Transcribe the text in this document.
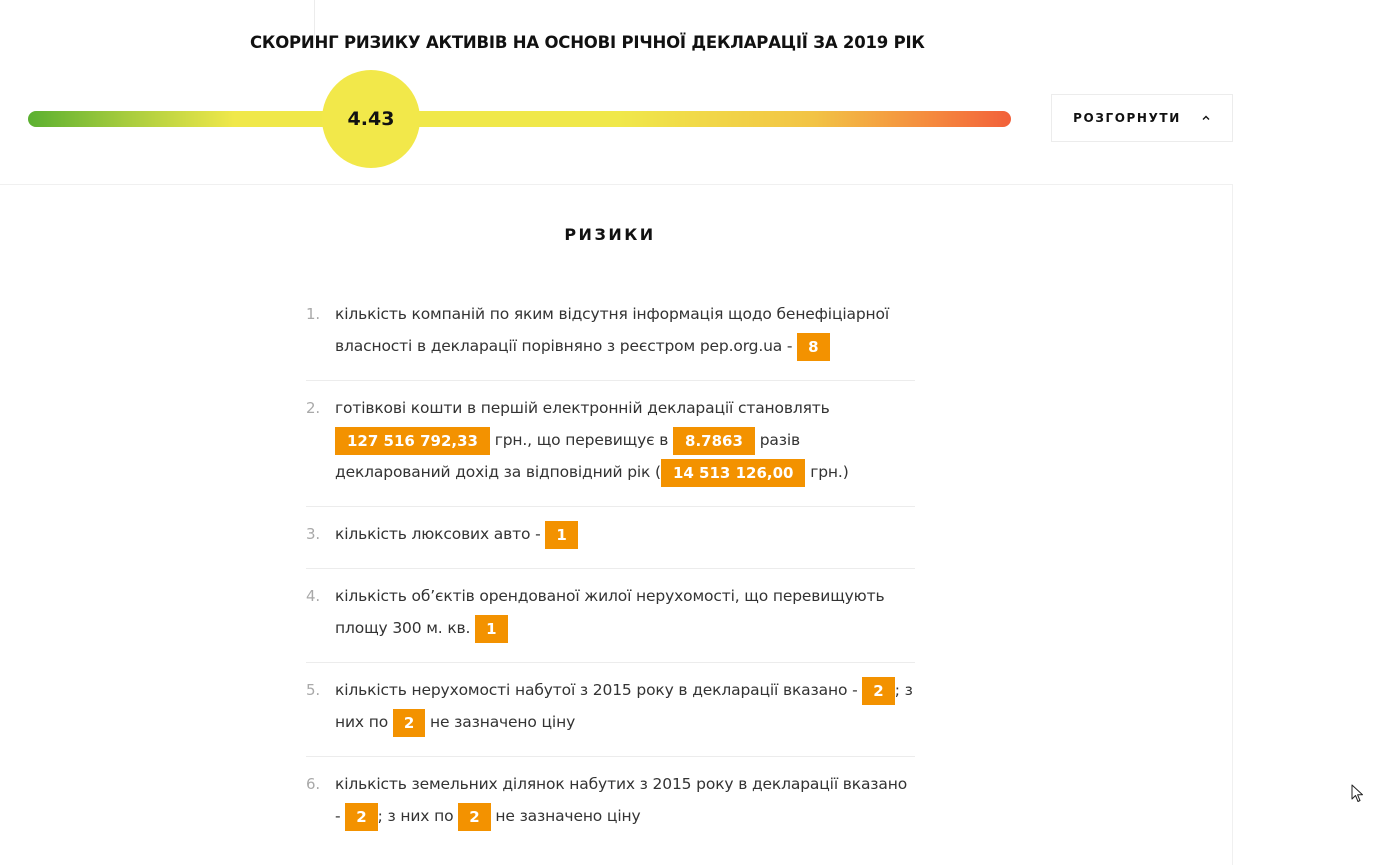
СКОРИНГ РИЗИКУ АКТИВІВ НА ОСНОВІ РІЧНОЇ ДЕКЛАРАЦІЇ ЗА 2019 РІК
4.43	РОЗГОРНУТИ
РИЗИКИ
1. кількість компаній по яким відсутня інформація щодо бенефіціарної власності в декларації порівняно з реєстром pep.org.ua - 8
2. готівкові кошти в першій електронній декларації становлять 127 516 792,33 грн., що перевищує в 8.7863 разів декларований дохід за відповідний рік ( 14 513 126,00 грн.)
3. кількість люксових авто - 1
4. кількість об’єктів орендованої жилої нерухомості, що перевищують площу 300 м. кв. 1
5. кількість нерухомості набутої з 2015 року в декларації вказано - 2 ; з них по 2 не зазначено ціну
6. кількість земельних ділянок набутих з 2015 року в декларації вказано - 2 ; з них по 2 не зазначено ціну
